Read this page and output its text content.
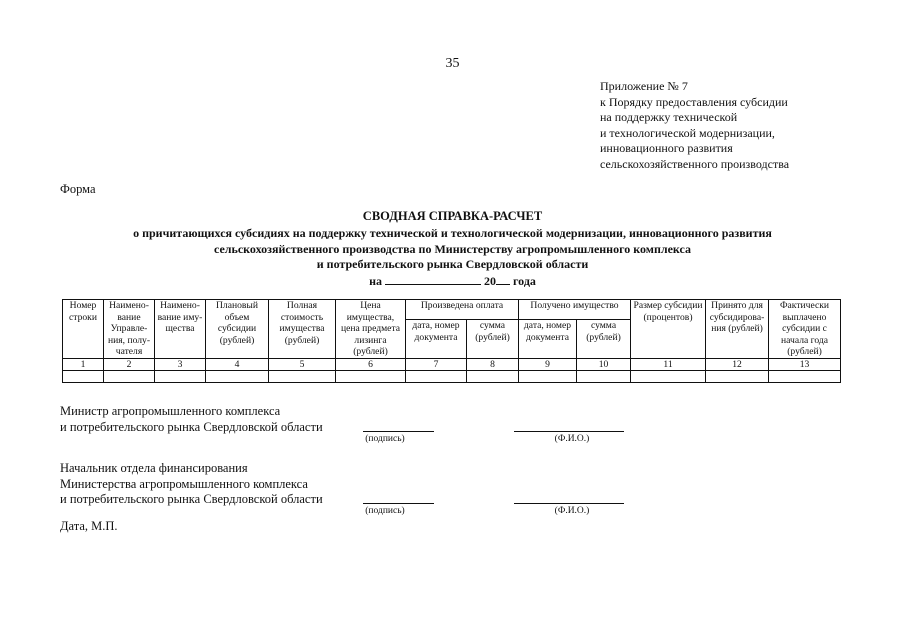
35
Приложение № 7
к Порядку предоставления субсидии
на поддержку технической
и технологической модернизации,
инновационного развития
сельскохозяйственного производства
Форма
СВОДНАЯ СПРАВКА-РАСЧЕТ
о причитающихся субсидиях на поддержку технической и технологической модернизации, инновационного развития
сельскохозяйственного производства по Министерству агропромышленного комплекса
и потребительского рынка Свердловской области
на	20 года
Номер строки	Наимено-вание Управле-ния, полу-чателя	Наимено-вание иму-щества	Плановый объем субсидии (рублей)	Полная стоимость имущества (рублей)	Цена имущества, цена предмета лизинга (рублей)	Произведена оплата		Получено имущество		Размер субсидии (процентов)	Принято для субсидирова-ния (рублей)	Фактически выплачено субсидии с начала года (рублей)
						дата, номер документа	сумма (рублей)	дата, номер документа	сумма (рублей)			
1	2	3	4	5	6	7	8	9	10	11	12	13

Министр агропромышленного комплекса
и потребительского рынка Свердловской области
(подпись)	(Ф.И.О.)
Начальник отдела финансирования
Министерства агропромышленного комплекса
и потребительского рынка Свердловской области
(подпись)	(Ф.И.О.)
Дата, М.П.
